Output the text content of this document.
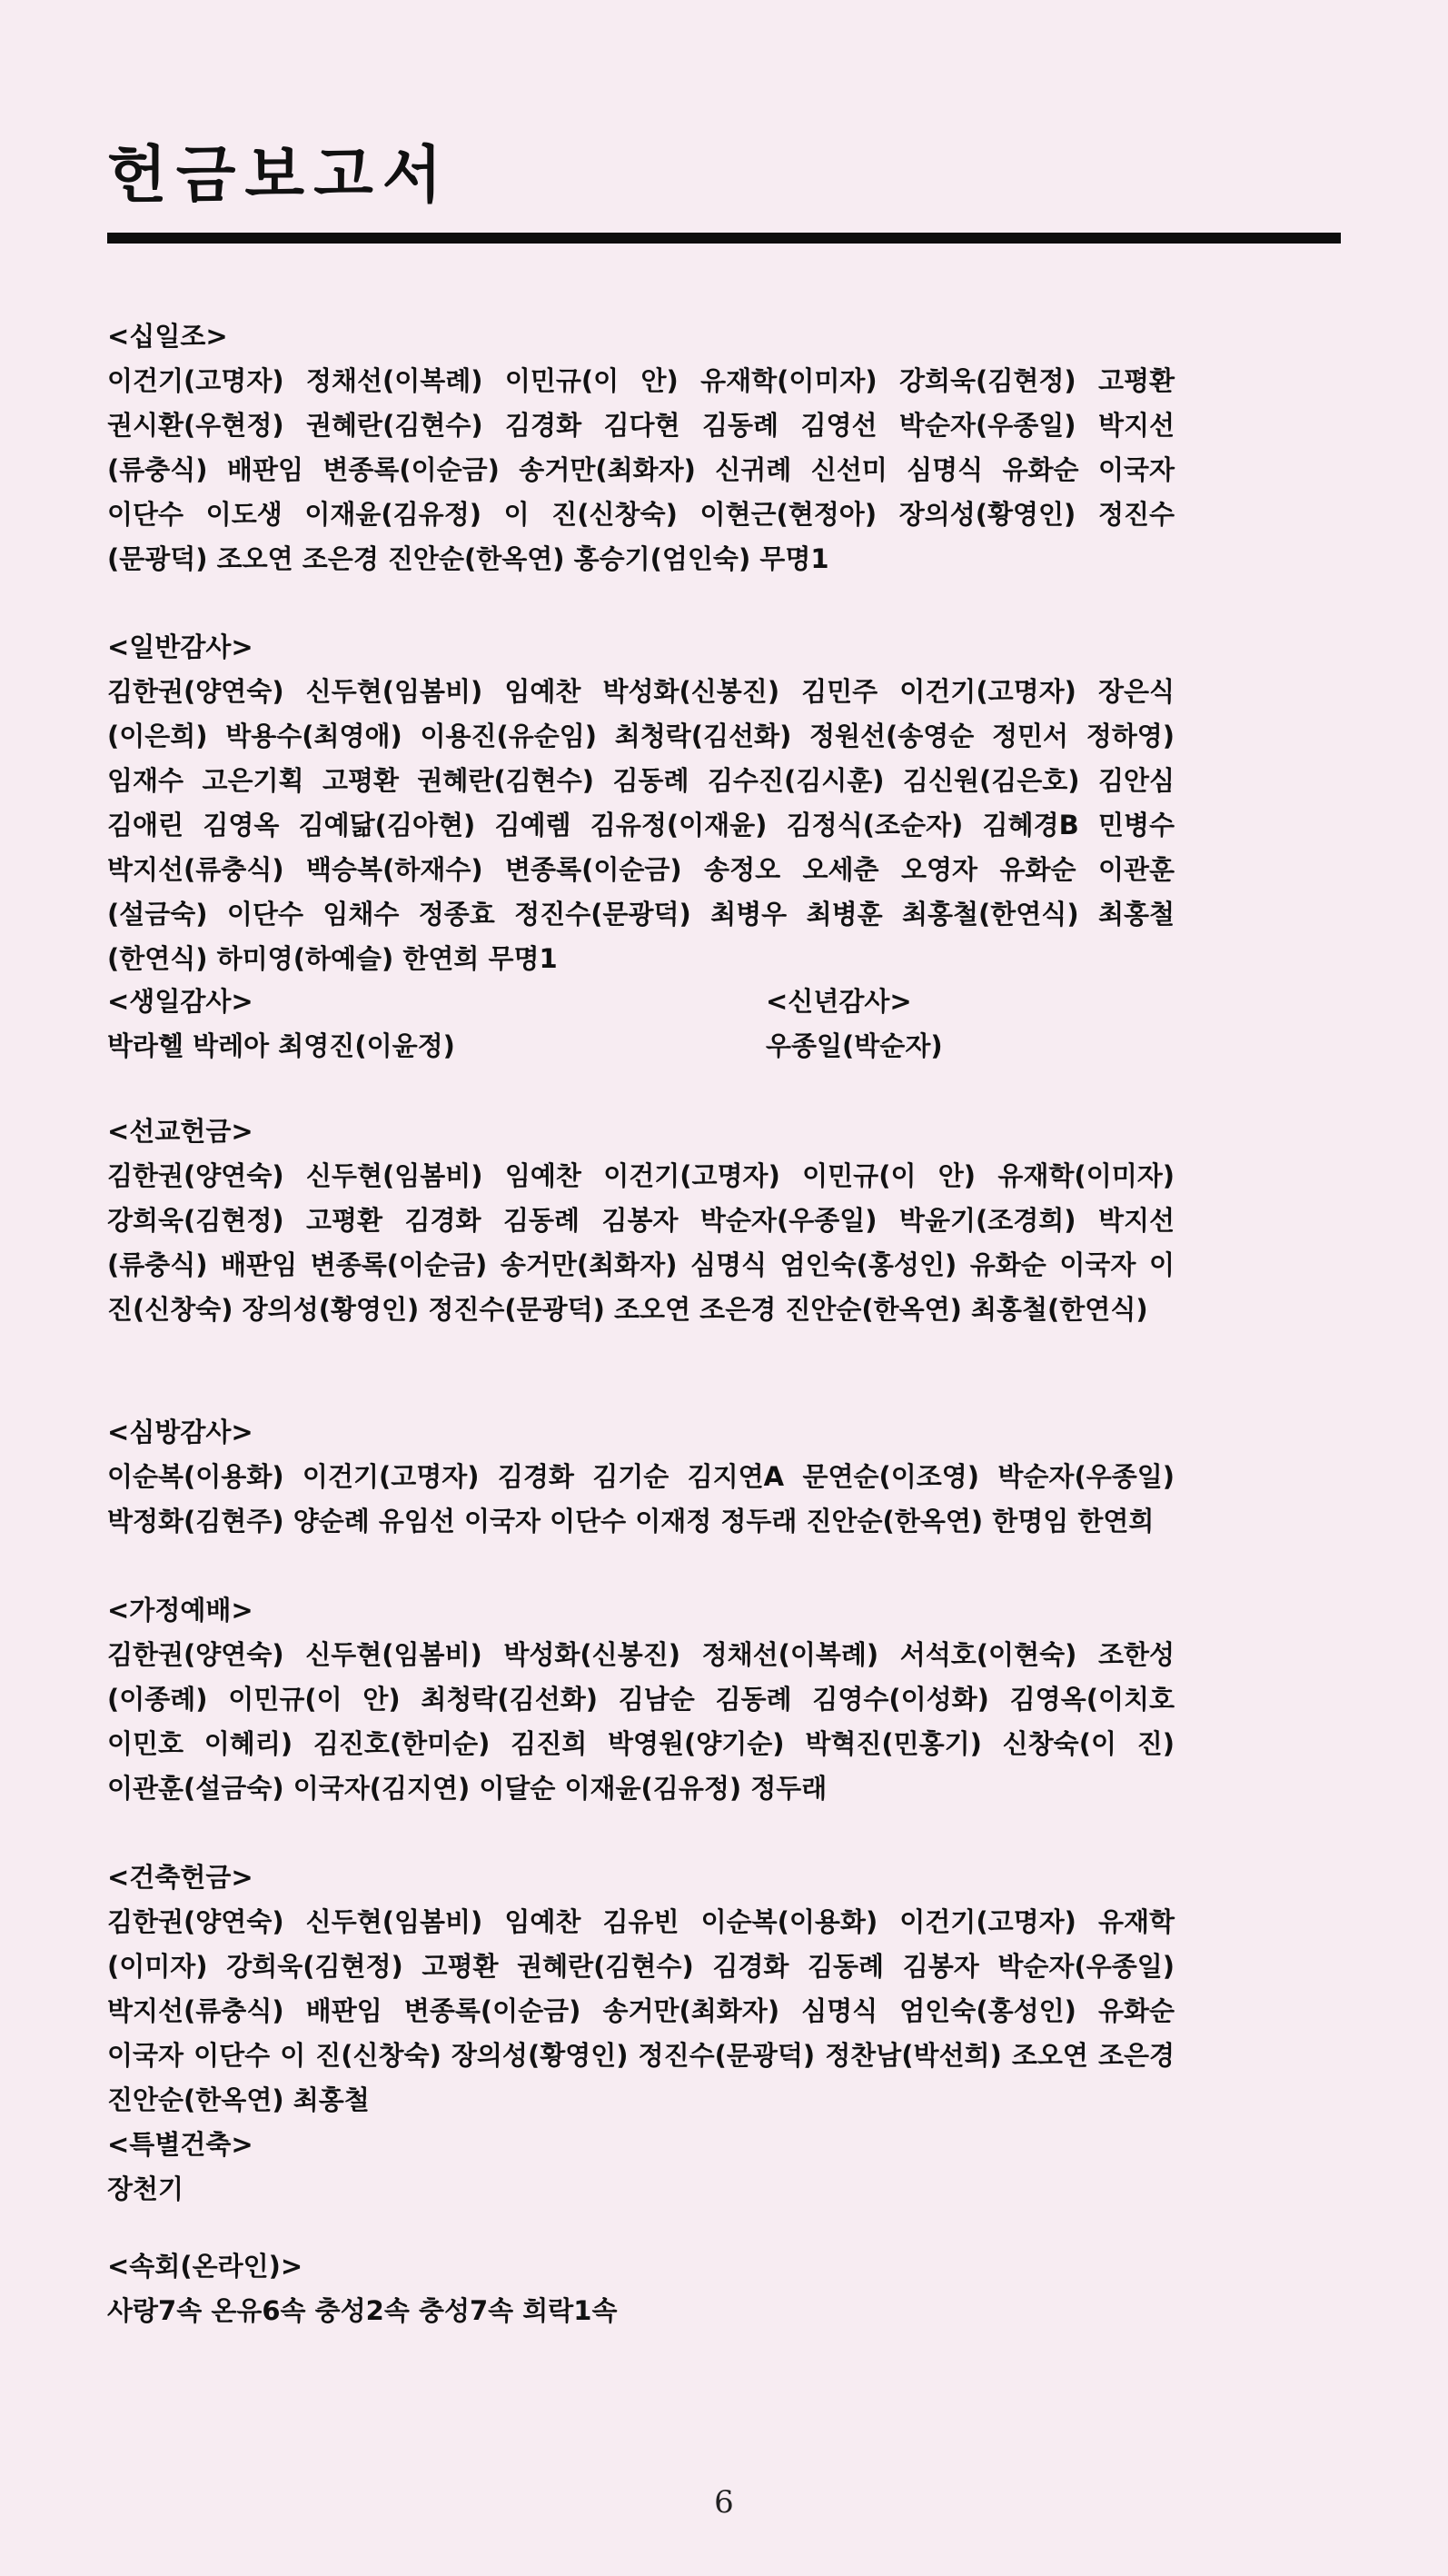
헌금보고서

<십일조>

이건기(고명자) 정채선(이복례) 이민규(이 안) 유재학(이미자) 강희욱(김현정) 고평환 권시환(우현정) 권혜란(김현수) 김경화 김다현 김동례 김영선 박순자(우종일) 박지선(류충식) 배판임 변종록(이순금) 송거만(최화자) 신귀례 신선미 심명식 유화순 이국자 이단수 이도생 이재윤(김유정) 이 진(신창숙) 이현근(현정아) 장의성(황영인) 정진수(문광덕) 조오연 조은경 진안순(한옥연) 홍승기(엄인숙) 무명1

<일반감사>

김한권(양연숙) 신두현(임봄비) 임예찬 박성화(신봉진) 김민주 이건기(고명자) 장은식(이은희) 박용수(최영애) 이용진(유순임) 최청락(김선화) 정원선(송영순 정민서 정하영) 임재수 고은기획 고평환 권혜란(김현수) 김동례 김수진(김시훈) 김신원(김은호) 김안심 김애린 김영옥 김예닮(김아현) 김예렘 김유정(이재윤) 김정식(조순자) 김혜경B 민병수 박지선(류충식) 백승복(하재수) 변종록(이순금) 송정오 오세춘 오영자 유화순 이관훈(설금숙) 이단수 임채수 정종효 정진수(문광덕) 최병우 최병훈 최홍철(한연식) 최홍철(한연식) 하미영(하예슬) 한연희 무명1

<생일감사>

박라헬 박레아 최영진(이윤정)

<신년감사>

우종일(박순자)

<선교헌금>

김한권(양연숙) 신두현(임봄비) 임예찬 이건기(고명자) 이민규(이 안) 유재학(이미자) 강희욱(김현정) 고평환 김경화 김동례 김봉자 박순자(우종일) 박윤기(조경희) 박지선(류충식) 배판임 변종록(이순금) 송거만(최화자) 심명식 엄인숙(홍성인) 유화순 이국자 이 진(신창숙) 장의성(황영인) 정진수(문광덕) 조오연 조은경 진안순(한옥연) 최홍철(한연식)

<심방감사>

이순복(이용화) 이건기(고명자) 김경화 김기순 김지연A 문연순(이조영) 박순자(우종일) 박정화(김현주) 양순례 유임선 이국자 이단수 이재정 정두래 진안순(한옥연) 한명임 한연희

<가정예배>

김한권(양연숙) 신두현(임봄비) 박성화(신봉진) 정채선(이복례) 서석호(이현숙) 조한성(이종례) 이민규(이 안) 최청락(김선화) 김남순 김동례 김영수(이성화) 김영옥(이치호 이민호 이혜리) 김진호(한미순) 김진희 박영원(양기순) 박혁진(민홍기) 신창숙(이 진) 이관훈(설금숙) 이국자(김지연) 이달순 이재윤(김유정) 정두래

<건축헌금>

김한권(양연숙) 신두현(임봄비) 임예찬 김유빈 이순복(이용화) 이건기(고명자) 유재학(이미자) 강희욱(김현정) 고평환 권혜란(김현수) 김경화 김동례 김봉자 박순자(우종일) 박지선(류충식) 배판임 변종록(이순금) 송거만(최화자) 심명식 엄인숙(홍성인) 유화순 이국자 이단수 이 진(신창숙) 장의성(황영인) 정진수(문광덕) 정찬남(박선희) 조오연 조은경 진안순(한옥연) 최홍철

<특별건축>

장천기

<속회(온라인)>

사랑7속 온유6속 충성2속 충성7속 희락1속

6
